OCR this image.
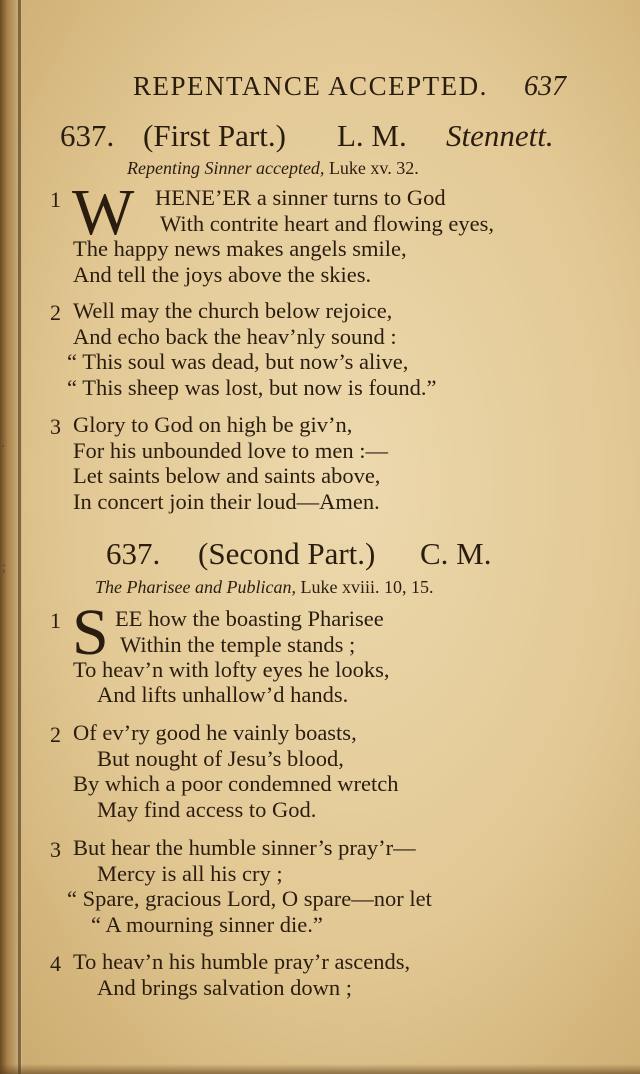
·
;
REPENTANCE ACCEPTED. 637
637. (First Part.) L. M. Stennett.
Repenting Sinner accepted, Luke xv. 32.
1 W HENE’ER a sinner turns to God
With contrite heart and flowing eyes,
The happy news makes angels smile,
And tell the joys above the skies.
2 Well may the church below rejoice,
And echo back the heav’nly sound :
“ This soul was dead, but now’s alive,
“ This sheep was lost, but now is found.”
3 Glory to God on high be giv’n,
For his unbounded love to men :—
Let saints below and saints above,
In concert join their loud—Amen.
637. (Second Part.) C. M.
The Pharisee and Publican, Luke xviii. 10, 15.
1 S EE how the boasting Pharisee
Within the temple stands ;
To heav’n with lofty eyes he looks,
And lifts unhallow’d hands.
2 Of ev’ry good he vainly boasts,
But nought of Jesu’s blood,
By which a poor condemned wretch
May find access to God.
3 But hear the humble sinner’s pray’r—
Mercy is all his cry ;
“ Spare, gracious Lord, O spare—nor let
“ A mourning sinner die.”
4 To heav’n his humble pray’r ascends,
And brings salvation down ;
